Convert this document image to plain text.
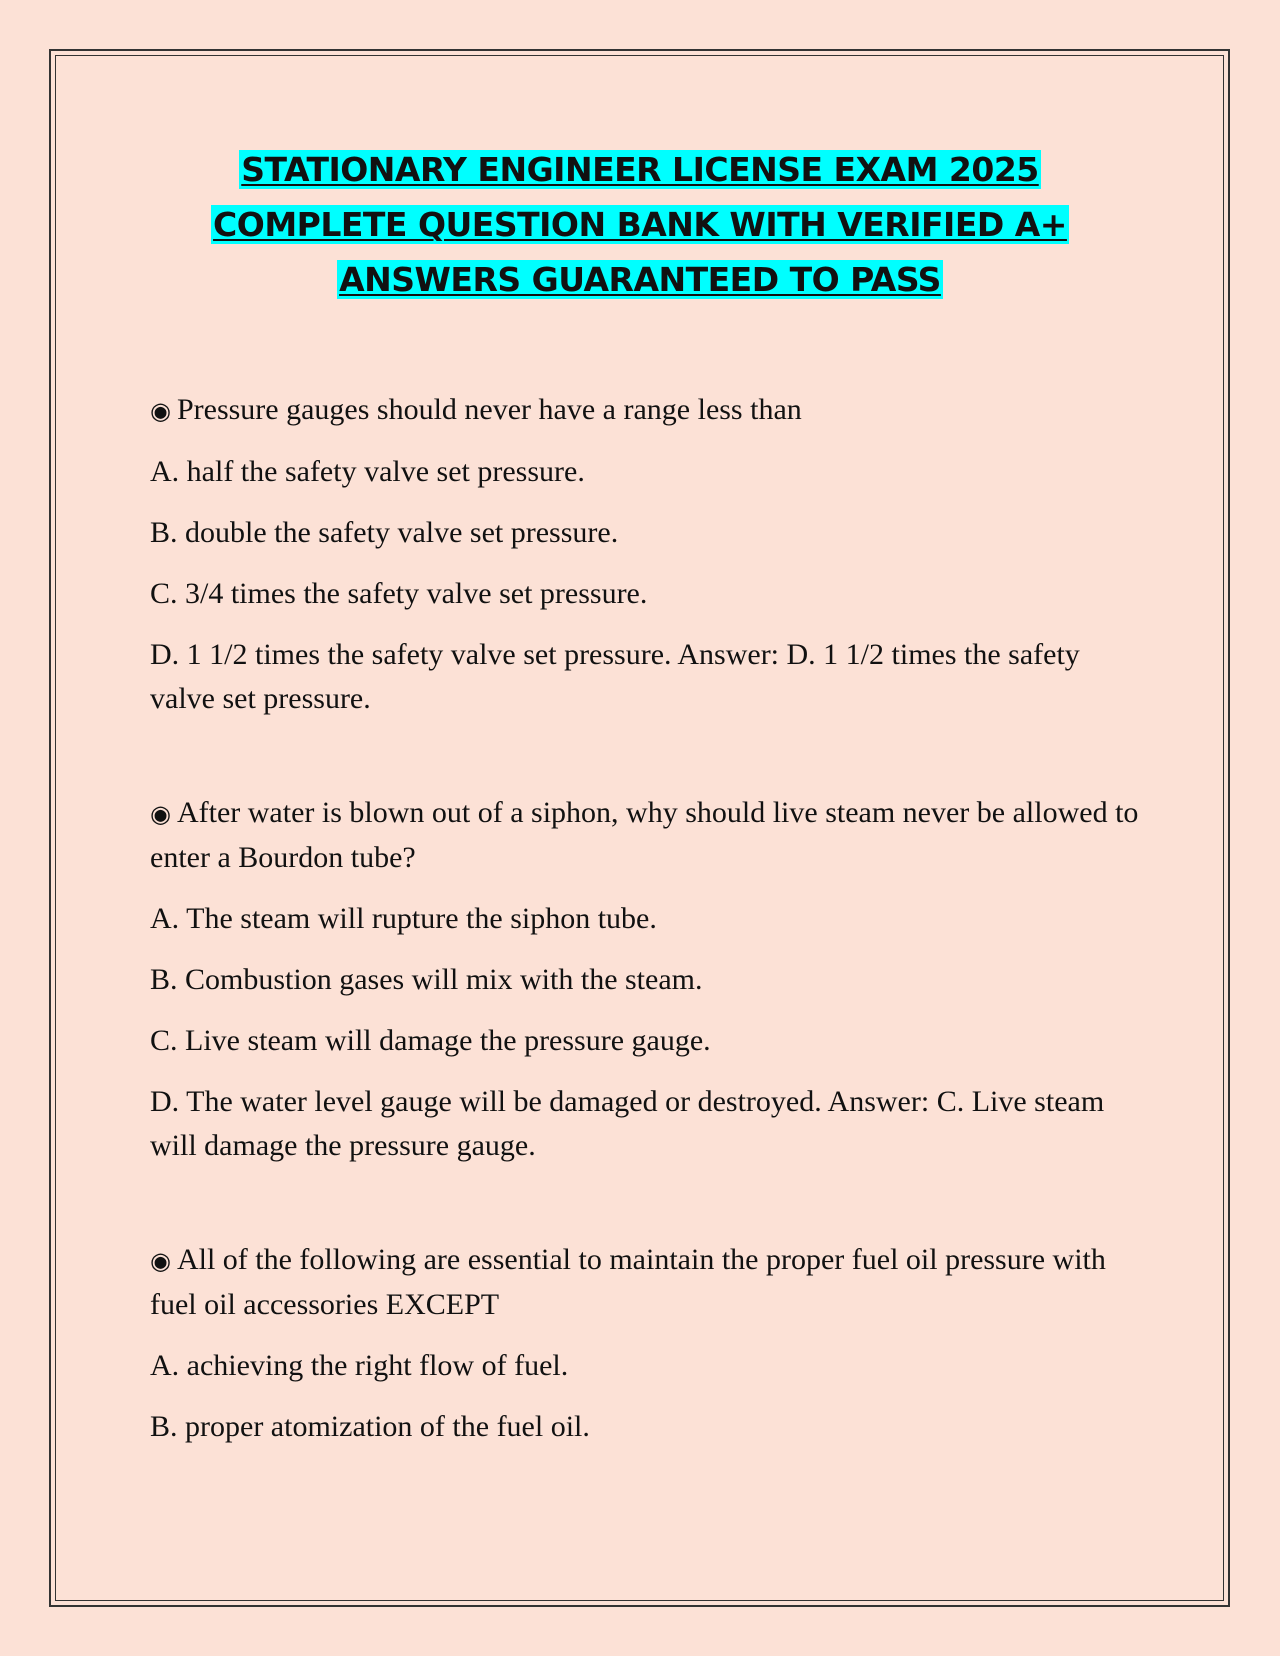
STATIONARY ENGINEER LICENSE EXAM 2025
COMPLETE QUESTION BANK WITH VERIFIED A+
ANSWERS GUARANTEED TO PASS

◉ Pressure gauges should never have a range less than

A. half the safety valve set pressure.

B. double the safety valve set pressure.

C. 3/4 times the safety valve set pressure.

D. 1 1/2 times the safety valve set pressure. Answer: D. 1 1/2 times the safety valve set pressure.

◉ After water is blown out of a siphon, why should live steam never be allowed to enter a Bourdon tube?

A. The steam will rupture the siphon tube.

B. Combustion gases will mix with the steam.

C. Live steam will damage the pressure gauge.

D. The water level gauge will be damaged or destroyed. Answer: C. Live steam will damage the pressure gauge.

◉ All of the following are essential to maintain the proper fuel oil pressure with fuel oil accessories EXCEPT

A. achieving the right flow of fuel.

B. proper atomization of the fuel oil.
